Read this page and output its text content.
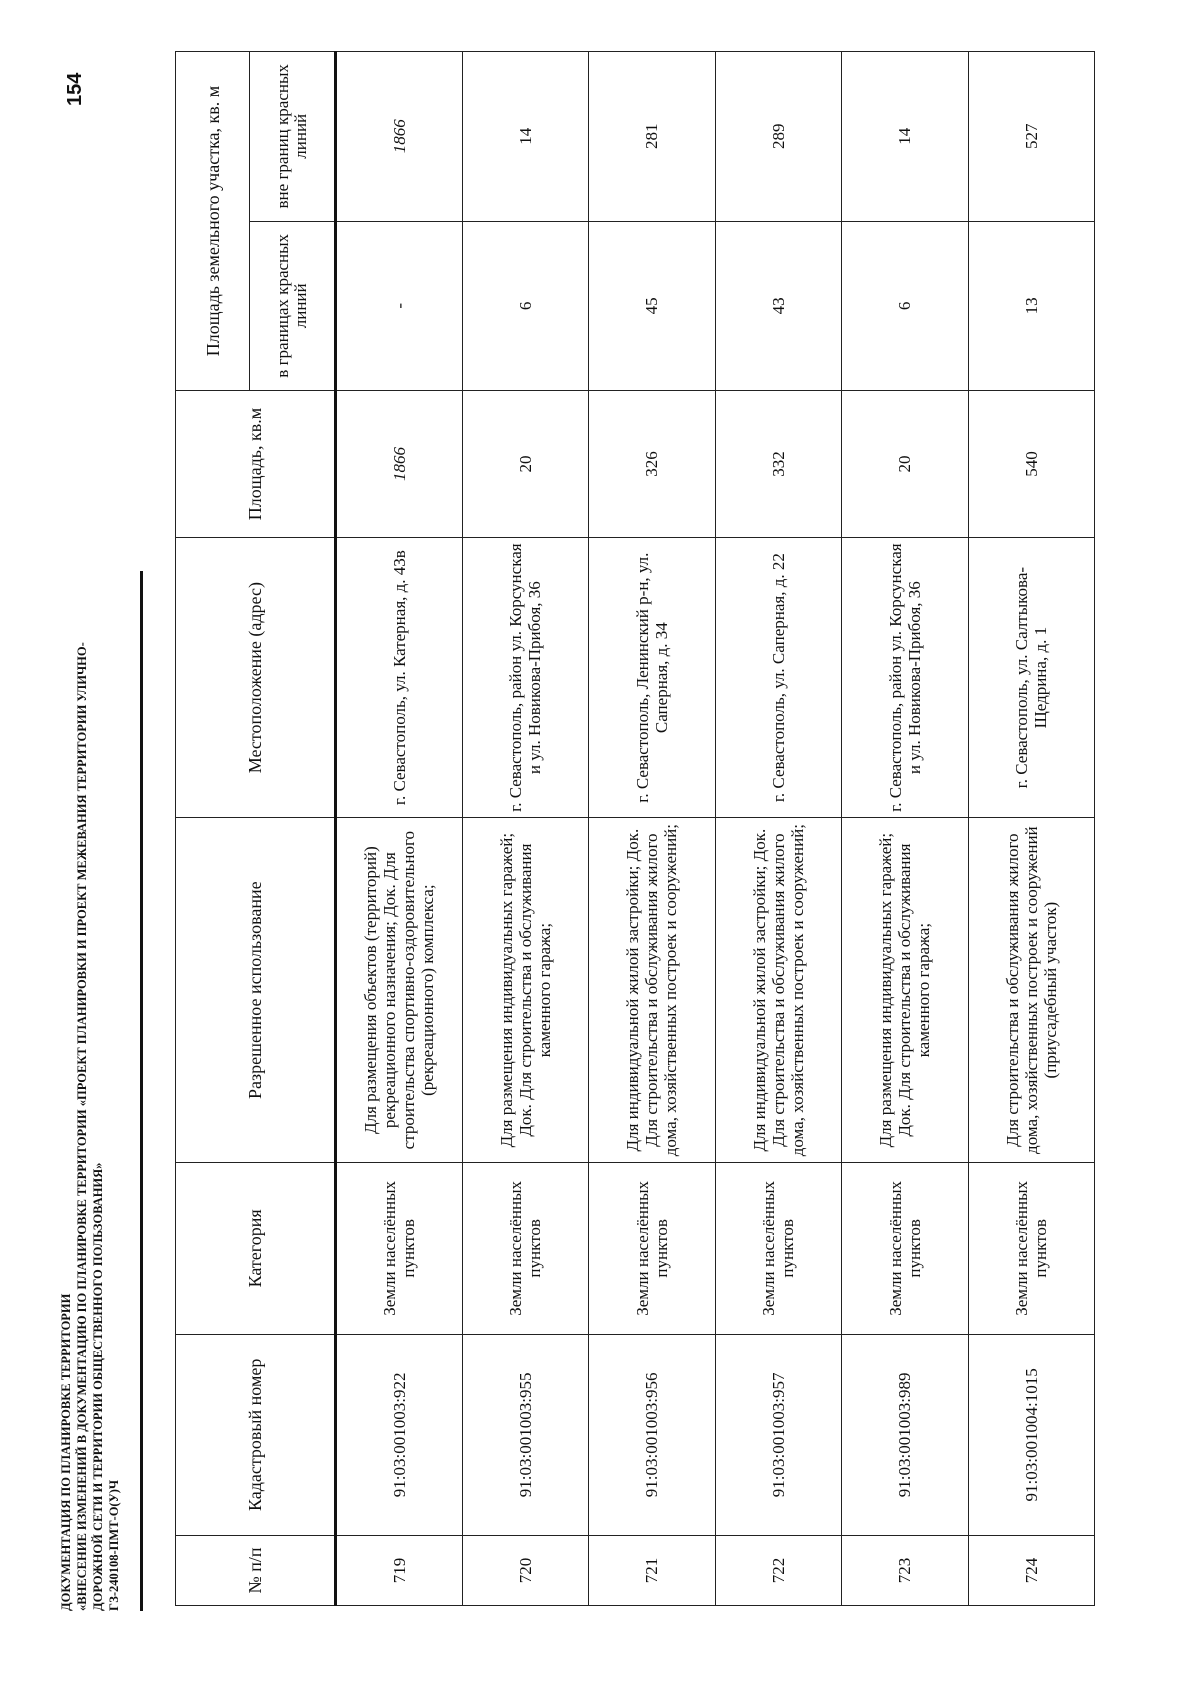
154
ДОКУМЕНТАЦИЯ ПО ПЛАНИРОВКЕ ТЕРРИТОРИИ «ВНЕСЕНИЕ ИЗМЕНЕНИЙ В ДОКУМЕНТАЦИЮ ПО ПЛАНИРОВКЕ ТЕРРИТОРИИ «ПРОЕКТ ПЛАНИРОВКИ И ПРОЕКТ МЕЖЕВАНИЯ ТЕРРИТОРИИ УЛИЧНО- ДОРОЖНОЙ СЕТИ И ТЕРРИТОРИИ ОБЩЕСТВЕННОГО ПОЛЬЗОВАНИЯ» ГЗ-240108-ПМТ-О(У)Ч	№ п/п	Кадастровый номер	Категория	Разрешенное использование	Местоположение (адрес)	Площадь, кв.м	Площадь земельного участка, кв. м	
						в границах красных линий	вне границ красных линий
719	91:03:001003:922	Земли населённых пунктов	Для размещения объектов (территорий) рекреационного назначения; Док. Для строительства спортивно-оздоровительного (рекреационного) комплекса;	г. Севастополь, ул. Катерная, д. 43в	1866	-	1866
720	91:03:001003:955	Земли населённых пунктов	Для размещения индивидуальных гаражей; Док. Для строительства и обслуживания каменного гаража;	г. Севастополь, район ул. Корсунская и ул. Новикова-Прибоя, 36	20	6	14
721	91:03:001003:956	Земли населённых пунктов	Для индивидуальной жилой застройки; Док. Для строительства и обслуживания жилого дома, хозяйственных построек и сооружений;	г. Севастополь, Ленинский р-н, ул. Саперная, д. 34	326	45	281
722	91:03:001003:957	Земли населённых пунктов	Для индивидуальной жилой застройки; Док. Для строительства и обслуживания жилого дома, хозяйственных построек и сооружений;	г. Севастополь, ул. Саперная, д. 22	332	43	289
723	91:03:001003:989	Земли населённых пунктов	Для размещения индивидуальных гаражей; Док. Для строительства и обслуживания каменного гаража;	г. Севастополь, район ул. Корсунская и ул. Новикова-Прибоя, 36	20	6	14
724	91:03:001004:1015	Земли населённых пунктов	Для строительства и обслуживания жилого дома, хозяйственных построек и сооружений (приусадебный участок)	г. Севастополь, ул. Салтыкова-Щедрина, д. 1	540	13	527
